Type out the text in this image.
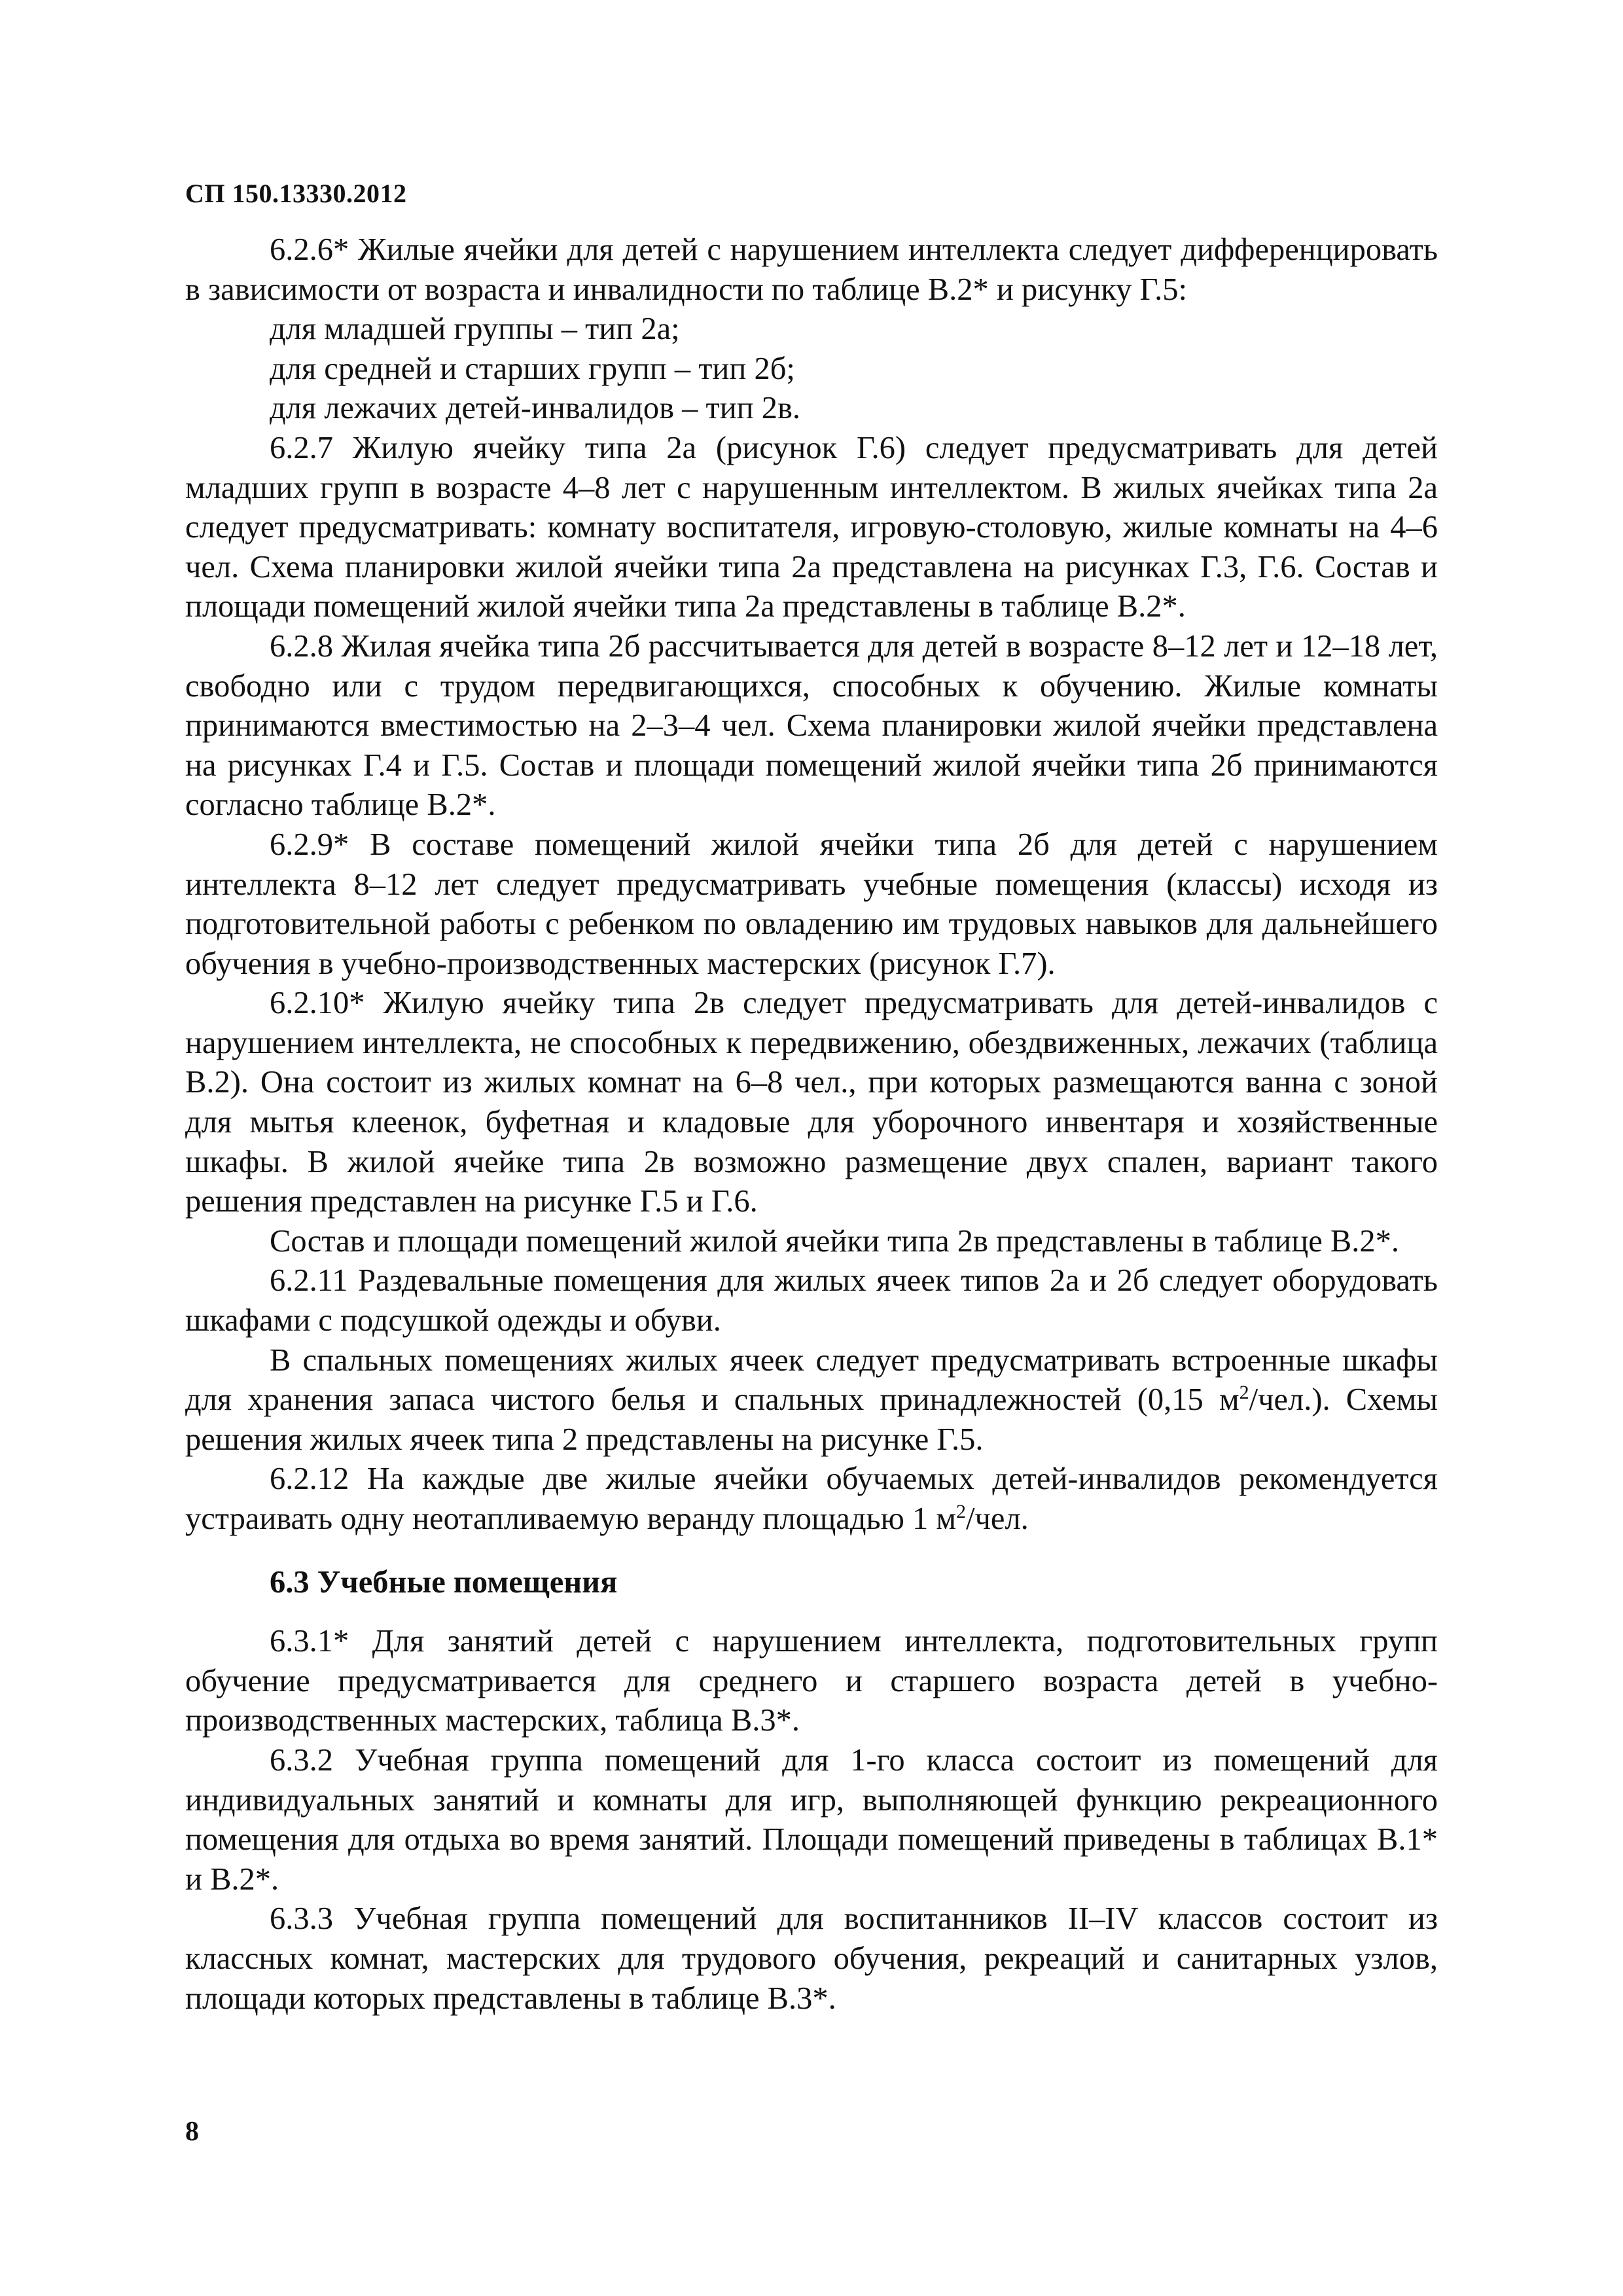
СП 150.13330.2012

6.2.6* Жилые ячейки для детей с нарушением интеллекта следует дифференцировать в зависимости от возраста и инвалидности по таблице В.2* и рисунку Г.5:

для младшей группы – тип 2а;

для средней и старших групп – тип 2б;

для лежачих детей-инвалидов – тип 2в.

6.2.7 Жилую ячейку типа 2а (рисунок Г.6) следует предусматривать для детей младших групп в возрасте 4–8 лет с нарушенным интеллектом. В жилых ячейках типа 2а следует предусматривать: комнату воспитателя, игровую-столовую, жилые комнаты на 4–6 чел. Схема планировки жилой ячейки типа 2а представлена на рисунках Г.3, Г.6. Состав и площади помещений жилой ячейки типа 2а представлены в таблице В.2*.

6.2.8 Жилая ячейка типа 2б рассчитывается для детей в возрасте 8–12 лет и 12–18 лет, свободно или с трудом передвигающихся, способных к обучению. Жилые комнаты принимаются вместимостью на 2–3–4 чел. Схема планировки жилой ячейки представлена на рисунках Г.4 и Г.5. Состав и площади помещений жилой ячейки типа 2б принимаются согласно таблице В.2*.

6.2.9* В составе помещений жилой ячейки типа 2б для детей с нарушением интеллекта 8–12 лет следует предусматривать учебные помещения (классы) исходя из подготовительной работы с ребенком по овладению им трудовых навыков для дальнейшего обучения в учебно-производственных мастерских (рисунок Г.7).

6.2.10* Жилую ячейку типа 2в следует предусматривать для детей-инвалидов с нарушением интеллекта, не способных к передвижению, обездвиженных, лежачих (таблица В.2). Она состоит из жилых комнат на 6–8 чел., при которых размещаются ванна с зоной для мытья клеенок, буфетная и кладовые для уборочного инвентаря и хозяйственные шкафы. В жилой ячейке типа 2в возможно размещение двух спален, вариант такого решения представлен на рисунке Г.5 и Г.6.

Состав и площади помещений жилой ячейки типа 2в представлены в таблице В.2*.

6.2.11 Раздевальные помещения для жилых ячеек типов 2а и 2б следует оборудовать шкафами с подсушкой одежды и обуви.

В спальных помещениях жилых ячеек следует предусматривать встроенные шкафы для хранения запаса чистого белья и спальных принадлежностей (0,15 $м^2/чел$.). Схемы решения жилых ячеек типа 2 представлены на рисунке Г.5.

6.2.12 На каждые две жилые ячейки обучаемых детей-инвалидов рекомендуется устраивать одну неотапливаемую веранду площадью 1 $м^2$/чел.

6.3 Учебные помещения

6.3.1* Для занятий детей с нарушением интеллекта, подготовительных групп обучение предусматривается для среднего и старшего возраста детей в учебно-производственных мастерских, таблица В.3*.

6.3.2 Учебная группа помещений для 1-го класса состоит из помещений для индивидуальных занятий и комнаты для игр, выполняющей функцию рекреационного помещения для отдыха во время занятий. Площади помещений приведены в таблицах В.1* и В.2*.

6.3.3 Учебная группа помещений для воспитанников II–IV классов состоит из классных комнат, мастерских для трудового обучения, рекреаций и санитарных узлов, площади которых представлены в таблице В.3*.

8
